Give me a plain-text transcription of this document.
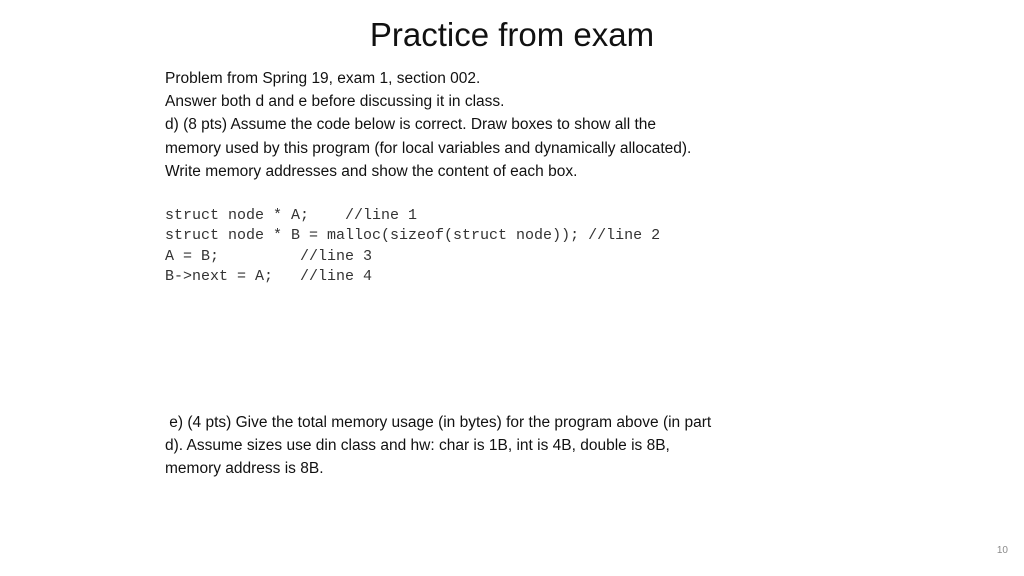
Practice from exam
Problem from Spring 19, exam 1, section 002.
Answer both d and e before discussing it in class.
d) (8 pts) Assume the code below is correct. Draw boxes to show all the
memory used by this program (for local variables and dynamically allocated).
Write memory addresses and show the content of each box.
struct node * A;    //line 1
struct node * B = malloc(sizeof(struct node)); //line 2
A = B;         //line 3
B->next = A;   //line 4
e) (4 pts) Give the total memory usage (in bytes) for the program above (in part
d). Assume sizes use din class and hw: char is 1B, int is 4B, double is 8B,
memory address is 8B.
10
